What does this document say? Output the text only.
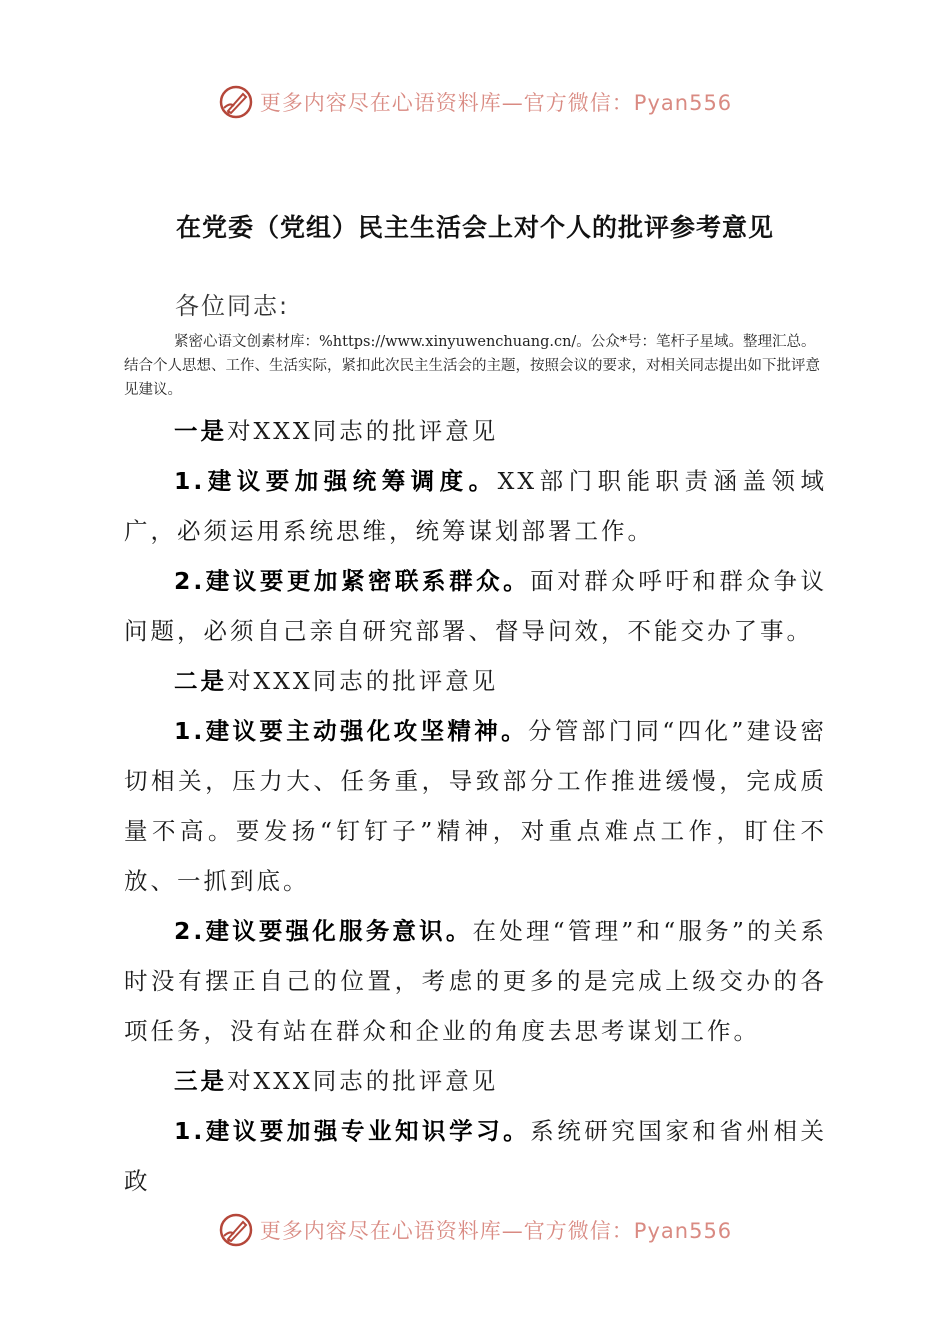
更多内容尽在心语资料库—官方微信：Pyan556
在党委（党组）民主生活会上对个人的批评参考意见
各位同志:
紧密心语文创素材库：%https://www.xinyuwenchuang.cn/。公众*号：笔杆子星域。整理汇总。结合个人思想、工作、生活实际，紧扣此次民主生活会的主题，按照会议的要求，对相关同志提出如下批评意见建议。

一是对XXX同志的批评意见

1.建议要加强统筹调度。XX部门职能职责涵盖领域广，必须运用系统思维，统筹谋划部署工作。

2.建议要更加紧密联系群众。面对群众呼吁和群众争议问题，必须自己亲自研究部署、督导问效，不能交办了事。

二是对XXX同志的批评意见

1.建议要主动强化攻坚精神。分管部门同“四化”建设密切相关，压力大、任务重，导致部分工作推进缓慢，完成质量不高。要发扬“钉钉子”精神，对重点难点工作，盯住不放、一抓到底。

2.建议要强化服务意识。在处理“管理”和“服务”的关系时没有摆正自己的位置，考虑的更多的是完成上级交办的各项任务，没有站在群众和企业的角度去思考谋划工作。

三是对XXX同志的批评意见

1.建议要加强专业知识学习。系统研究国家和省州相关政

更多内容尽在心语资料库—官方微信：Pyan556
